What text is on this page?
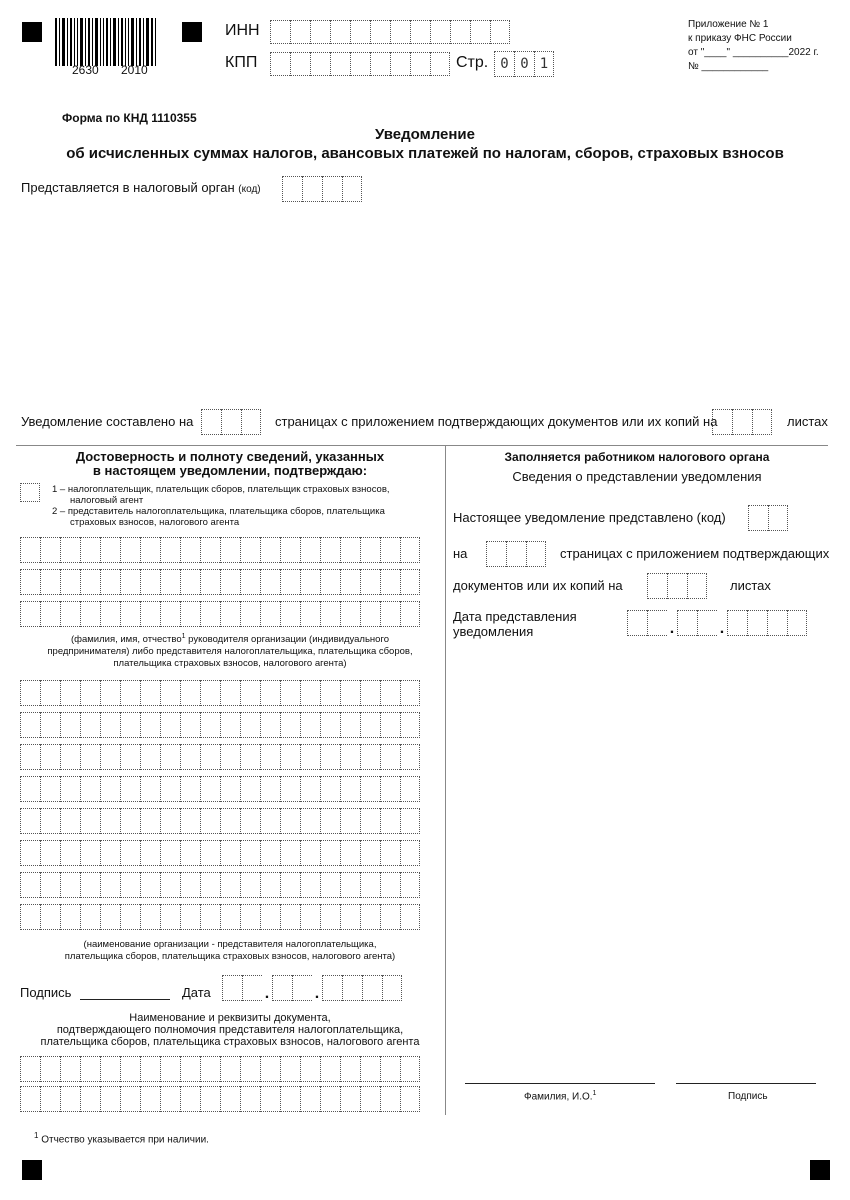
2630 2010
ИНН
КПП	Стр. 0 0 1
Приложение № 1
к приказу ФНС России
от "____" __________2022 г.
№ ____________
Форма по КНД 1110355
Уведомление
об исчисленных суммах налогов, авансовых платежей по налогам, сборов, страховых взносов
Представляется в налоговый орган (код)
Уведомление составлено на	страницах с приложением подтверждающих документов или их копий на	листах
Достоверность и полноту сведений, указанных
в настоящем уведомлении, подтверждаю:
1 – налогоплательщик, плательщик сборов, плательщик страховых взносов,
налоговый агент
2 – представитель налогоплательщика, плательщика сборов, плательщика
страховых взносов, налогового агента
(фамилия, имя, отчество$^1$ руководителя организации (индивидуального
предпринимателя) либо представителя налогоплательщика, плательщика сборов,
плательщика страховых взносов, налогового агента)
(наименование организации - представителя налогоплательщика,
плательщика сборов, плательщика страховых взносов, налогового агента)
Подпись	Дата	.	.
Наименование и реквизиты документа,
подтверждающего полномочия представителя налогоплательщика,
плательщика сборов, плательщика страховых взносов, налогового агента
Заполняется работником налогового органа
Сведения о представлении уведомления
Настоящее уведомление представлено (код)
на	страницах с приложением подтверждающих
документов или их копий на	листах
Дата представления
уведомления	.	.
Фамилия, И.О.$^1$	Подпись
$^1$ Отчество указывается при наличии.
